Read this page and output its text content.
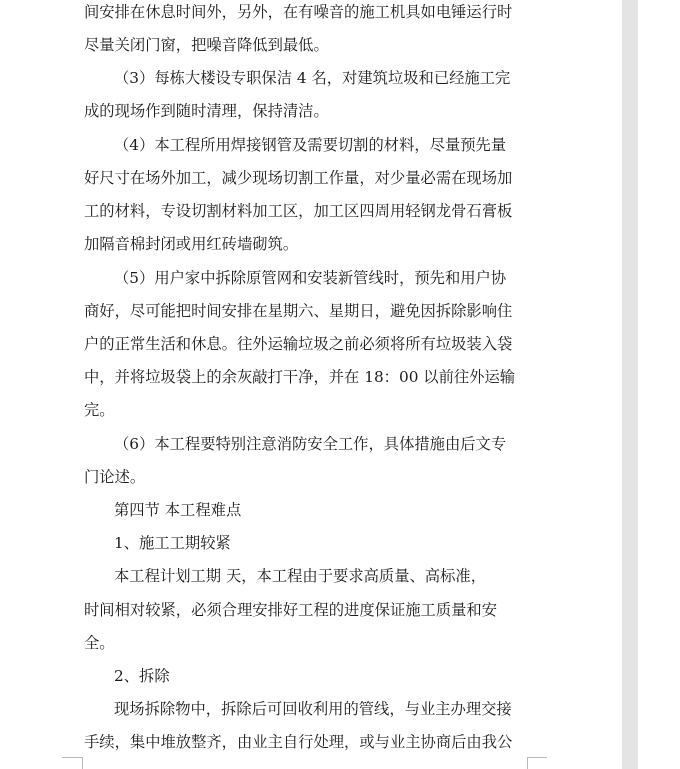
间安排在休息时间外，另外，在有噪音的施工机具如电锤运行时
尽量关闭门窗，把噪音降低到最低。
（3）每栋大楼设专职保洁 4 名，对建筑垃圾和已经施工完
成的现场作到随时清理，保持清洁。
（4）本工程所用焊接钢管及需要切割的材料，尽量预先量
好尺寸在场外加工，减少现场切割工作量，对少量必需在现场加
工的材料，专设切割材料加工区，加工区四周用轻钢龙骨石膏板
加隔音棉封闭或用红砖墙砌筑。
（5）用户家中拆除原管网和安装新管线时，预先和用户协
商好，尽可能把时间安排在星期六、星期日，避免因拆除影响住
户的正常生活和休息。往外运输垃圾之前必须将所有垃圾装入袋
中，并将垃圾袋上的余灰敲打干净，并在 18：00 以前往外运输
完。
（6）本工程要特别注意消防安全工作，具体措施由后文专
门论述。
第四节 本工程难点
1、施工工期较紧
本工程计划工期 天，本工程由于要求高质量、高标准，
时间相对较紧，必须合理安排好工程的进度保证施工质量和安
全。
2、拆除
现场拆除物中，拆除后可回收利用的管线，与业主办理交接
手续，集中堆放整齐，由业主自行处理，或与业主协商后由我公
